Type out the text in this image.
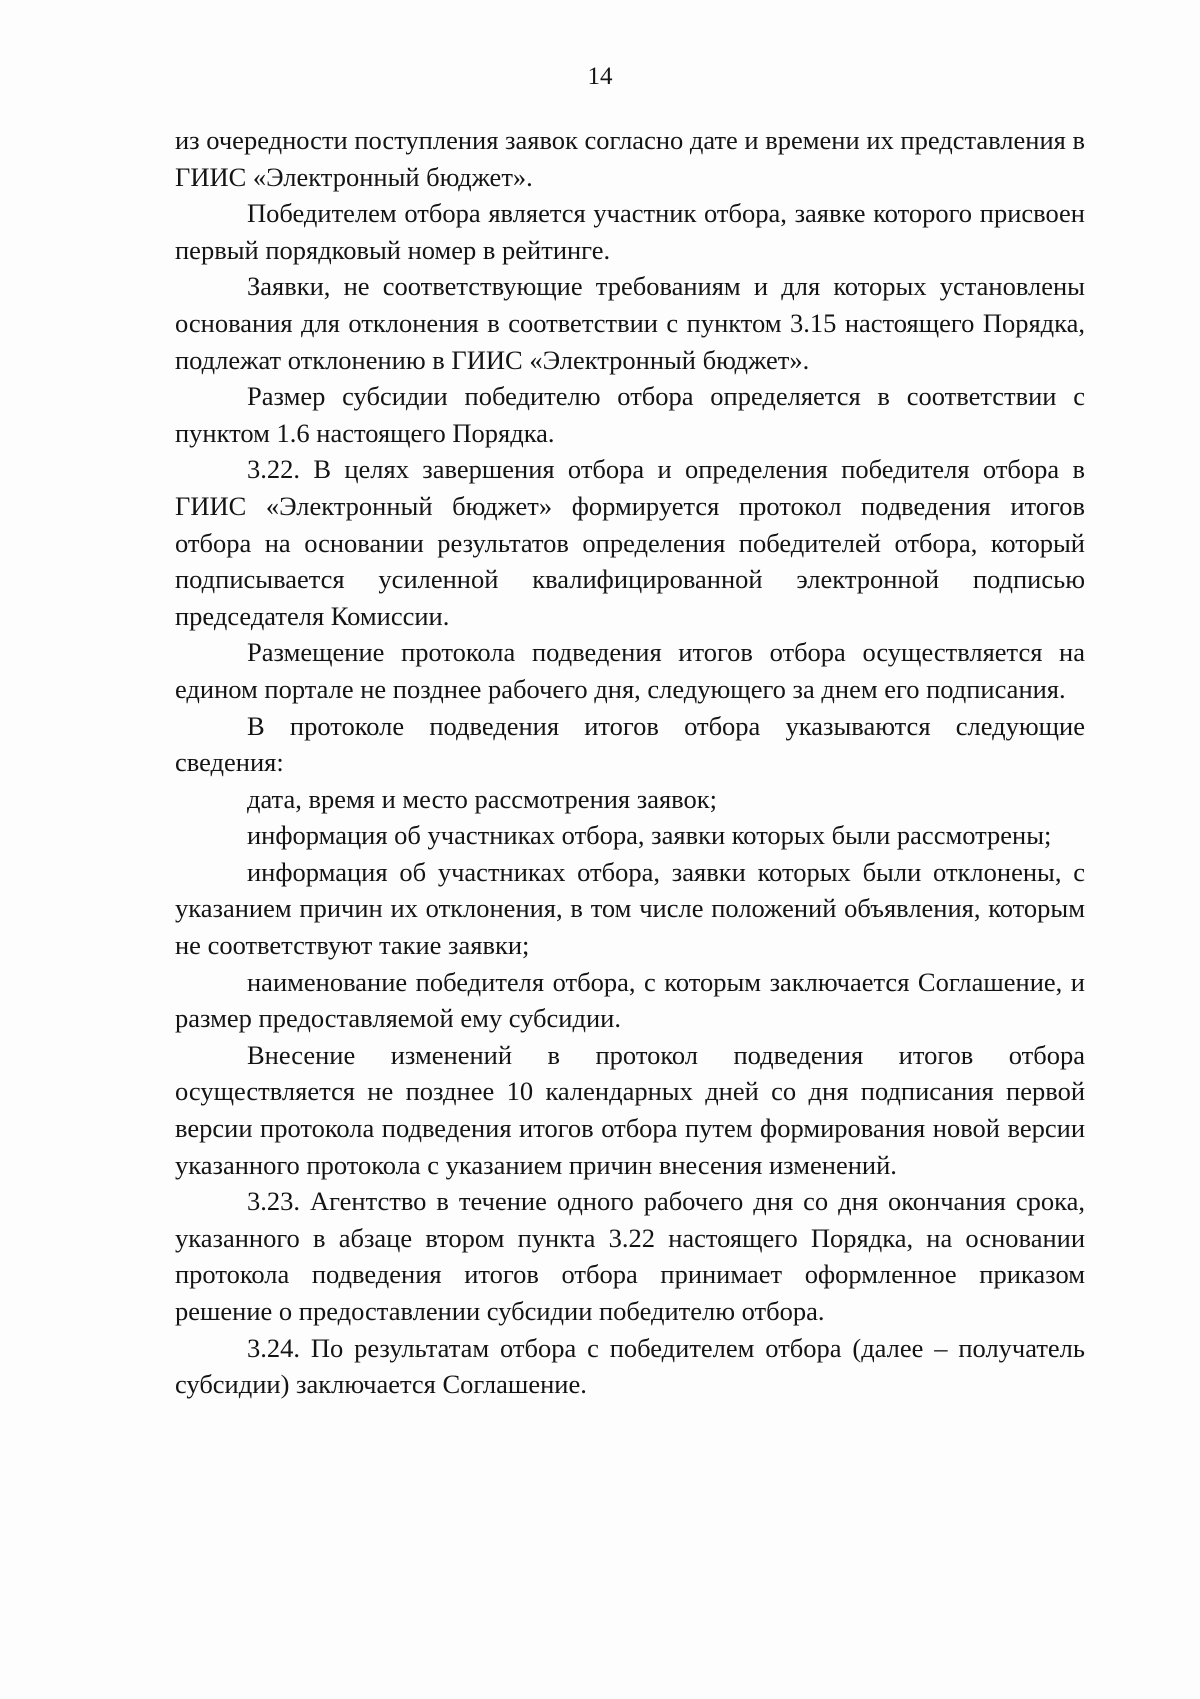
14

из очередности поступления заявок согласно дате и времени их представления в ГИИС «Электронный бюджет».

Победителем отбора является участник отбора, заявке которого присвоен первый порядковый номер в рейтинге.

Заявки, не соответствующие требованиям и для которых установлены основания для отклонения в соответствии с пунктом 3.15 настоящего Порядка, подлежат отклонению в ГИИС «Электронный бюджет».

Размер субсидии победителю отбора определяется в соответствии с пунктом 1.6 настоящего Порядка.

3.22. В целях завершения отбора и определения победителя отбора в ГИИС «Электронный бюджет» формируется протокол подведения итогов отбора на основании результатов определения победителей отбора, который подписывается усиленной квалифицированной электронной подписью председателя Комиссии.

Размещение протокола подведения итогов отбора осуществляется на едином портале не позднее рабочего дня, следующего за днем его подписания.

В протоколе подведения итогов отбора указываются следующие сведения:

дата, время и место рассмотрения заявок;

информация об участниках отбора, заявки которых были рассмотрены;

информация об участниках отбора, заявки которых были отклонены, с указанием причин их отклонения, в том числе положений объявления, которым не соответствуют такие заявки;

наименование победителя отбора, с которым заключается Соглашение, и размер предоставляемой ему субсидии.

Внесение изменений в протокол подведения итогов отбора осуществляется не позднее 10 календарных дней со дня подписания первой версии протокола подведения итогов отбора путем формирования новой версии указанного протокола с указанием причин внесения изменений.

3.23. Агентство в течение одного рабочего дня со дня окончания срока, указанного в абзаце втором пункта 3.22 настоящего Порядка, на основании протокола подведения итогов отбора принимает оформленное приказом решение о предоставлении субсидии победителю отбора.

3.24. По результатам отбора с победителем отбора (далее – получатель субсидии) заключается Соглашение.
